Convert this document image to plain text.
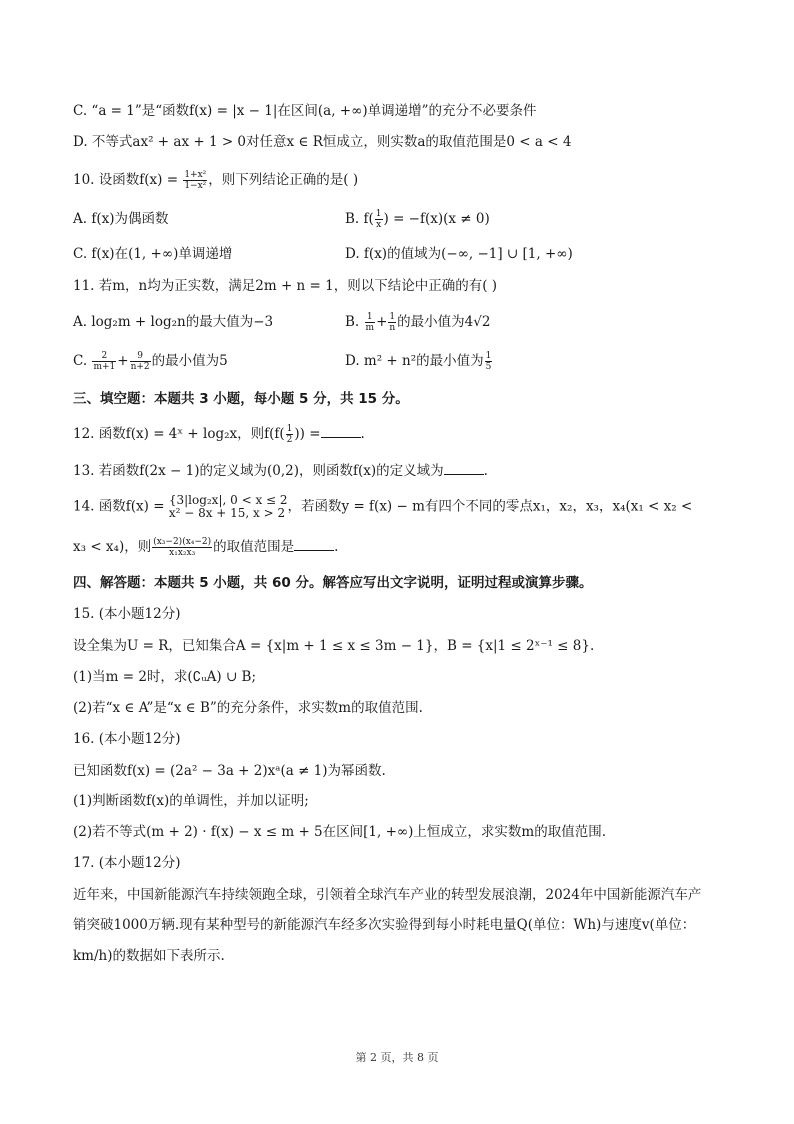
C. “a = 1”是“函数f(x) = |x − 1|在区间(a, +∞)单调递增”的充分不必要条件
D. 不等式ax² + ax + 1 > 0对任意x ∈ R恒成立，则实数a的取值范围是0 < a < 4
10. 设函数$f(x) = \frac{\text{1+x²}}{\text{1−x²}}$ ，则下列结论正确的是( )
A. f(x)为偶函数	B. $f( \frac{1}{x}$ ) = −f(x)(x ≠ 0)
C. f(x)在(1, +∞)单调递增	D. f(x)的值域为(−∞, −1] ∪ [1, +∞)
11. 若m，n均为正实数，满足2m + n = 1，则以下结论中正确的有( )
A. log₂m + log₂n的最大值为−3	B. $\frac{1}{m} + \frac{1}{n}$ 的最小值为4√2
C. $\frac{2}{m+1} + \frac{9}{n+2}$ 的最小值为5	D. m² + n²的最小值为 $\frac{1}{5}$
三、填空题：本题共 3 小题，每小题 5 分，共 15 分。
12. 函数f(x) = 4ˣ + log₂x，则$f(f( \frac{1}{2}$ )) =	.
13. 若函数f(2x − 1)的定义域为(0,2)，则函数f(x)的定义域为	.
14. 函数f(x) = {3|log₂x|, 0 < x ≤ 2
x² − 8x + 15, x > 2 ，若函数y = f(x) − m有四个不同的零点x₁，x₂，x₃，x₄(x₁ < x₂ <
x₃ < x₄)，则 $\frac{\text{(x₃−2)(x₄−2)}}{\text{x₁x₂x₃}}$ 的取值范围是	.
四、解答题：本题共 5 小题，共 60 分。解答应写出文字说明，证明过程或演算步骤。
15. (本小题12分)
设全集为U = R，已知集合A = {x|m + 1 ≤ x ≤ 3m − 1}，B = {x|1 ≤ 2ˣ⁻¹ ≤ 8}.
(1)当m = 2时，求(∁ᵤA) ∪ B;
(2)若“x ∈ A”是“x ∈ B”的充分条件，求实数m的取值范围.
16. (本小题12分)
已知函数f(x) = (2a² − 3a + 2)xᵃ(a ≠ 1)为幂函数.
(1)判断函数f(x)的单调性，并加以证明;
(2)若不等式(m + 2) · f(x) − x ≤ m + 5在区间[1, +∞)上恒成立，求实数m的取值范围.
17. (本小题12分)
近年来，中国新能源汽车持续领跑全球，引领着全球汽车产业的转型发展浪潮，2024年中国新能源汽车产
销突破1000万辆.现有某种型号的新能源汽车经多次实验得到每小时耗电量Q(单位：Wh)与速度v(单位：
km/h)的数据如下表所示.
第 2 页，共 8 页
